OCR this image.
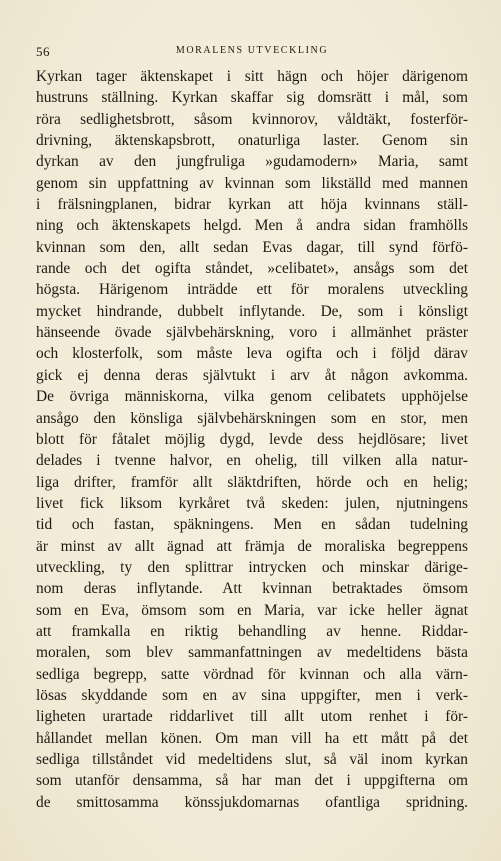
56	MORALENS UTVECKLING
Kyrkan tager äktenskapet i sitt hägn och höjer därigenom
hustruns ställning. Kyrkan skaffar sig domsrätt i mål, som
röra sedlighetsbrott, såsom kvinnorov, våldtäkt, fosterför-
drivning, äktenskapsbrott, onaturliga laster. Genom sin
dyrkan av den jungfruliga »gudamodern» Maria, samt
genom sin uppfattning av kvinnan som likställd med mannen
i frälsningplanen, bidrar kyrkan att höja kvinnans ställ-
ning och äktenskapets helgd. Men å andra sidan framhölls
kvinnan som den, allt sedan Evas dagar, till synd förfö-
rande och det ogifta ståndet, »celibatet», ansågs som det
högsta. Härigenom inträdde ett för moralens utveckling
mycket hindrande, dubbelt inflytande. De, som i könsligt
hänseende övade självbehärskning, voro i allmänhet präster
och klosterfolk, som måste leva ogifta och i följd därav
gick ej denna deras självtukt i arv åt någon avkomma.
De övriga människorna, vilka genom celibatets upphöjelse
ansågo den könsliga självbehärskningen som en stor, men
blott för fåtalet möjlig dygd, levde dess hejdlösare; livet
delades i tvenne halvor, en ohelig, till vilken alla natur-
liga drifter, framför allt släktdriften, hörde och en helig;
livet fick liksom kyrkåret två skeden: julen, njutningens
tid och fastan, späkningens. Men en sådan tudelning
är minst av allt ägnad att främja de moraliska begreppens
utveckling, ty den splittrar intrycken och minskar därige-
nom deras inflytande. Att kvinnan betraktades ömsom
som en Eva, ömsom som en Maria, var icke heller ägnat
att framkalla en riktig behandling av henne. Riddar-
moralen, som blev sammanfattningen av medeltidens bästa
sedliga begrepp, satte vördnad för kvinnan och alla värn-
lösas skyddande som en av sina uppgifter, men i verk-
ligheten urartade riddarlivet till allt utom renhet i för-
hållandet mellan könen. Om man vill ha ett mått på det
sedliga tillståndet vid medeltidens slut, så väl inom kyrkan
som utanför densamma, så har man det i uppgifterna om
de smittosamma könssjukdomarnas ofantliga spridning.
